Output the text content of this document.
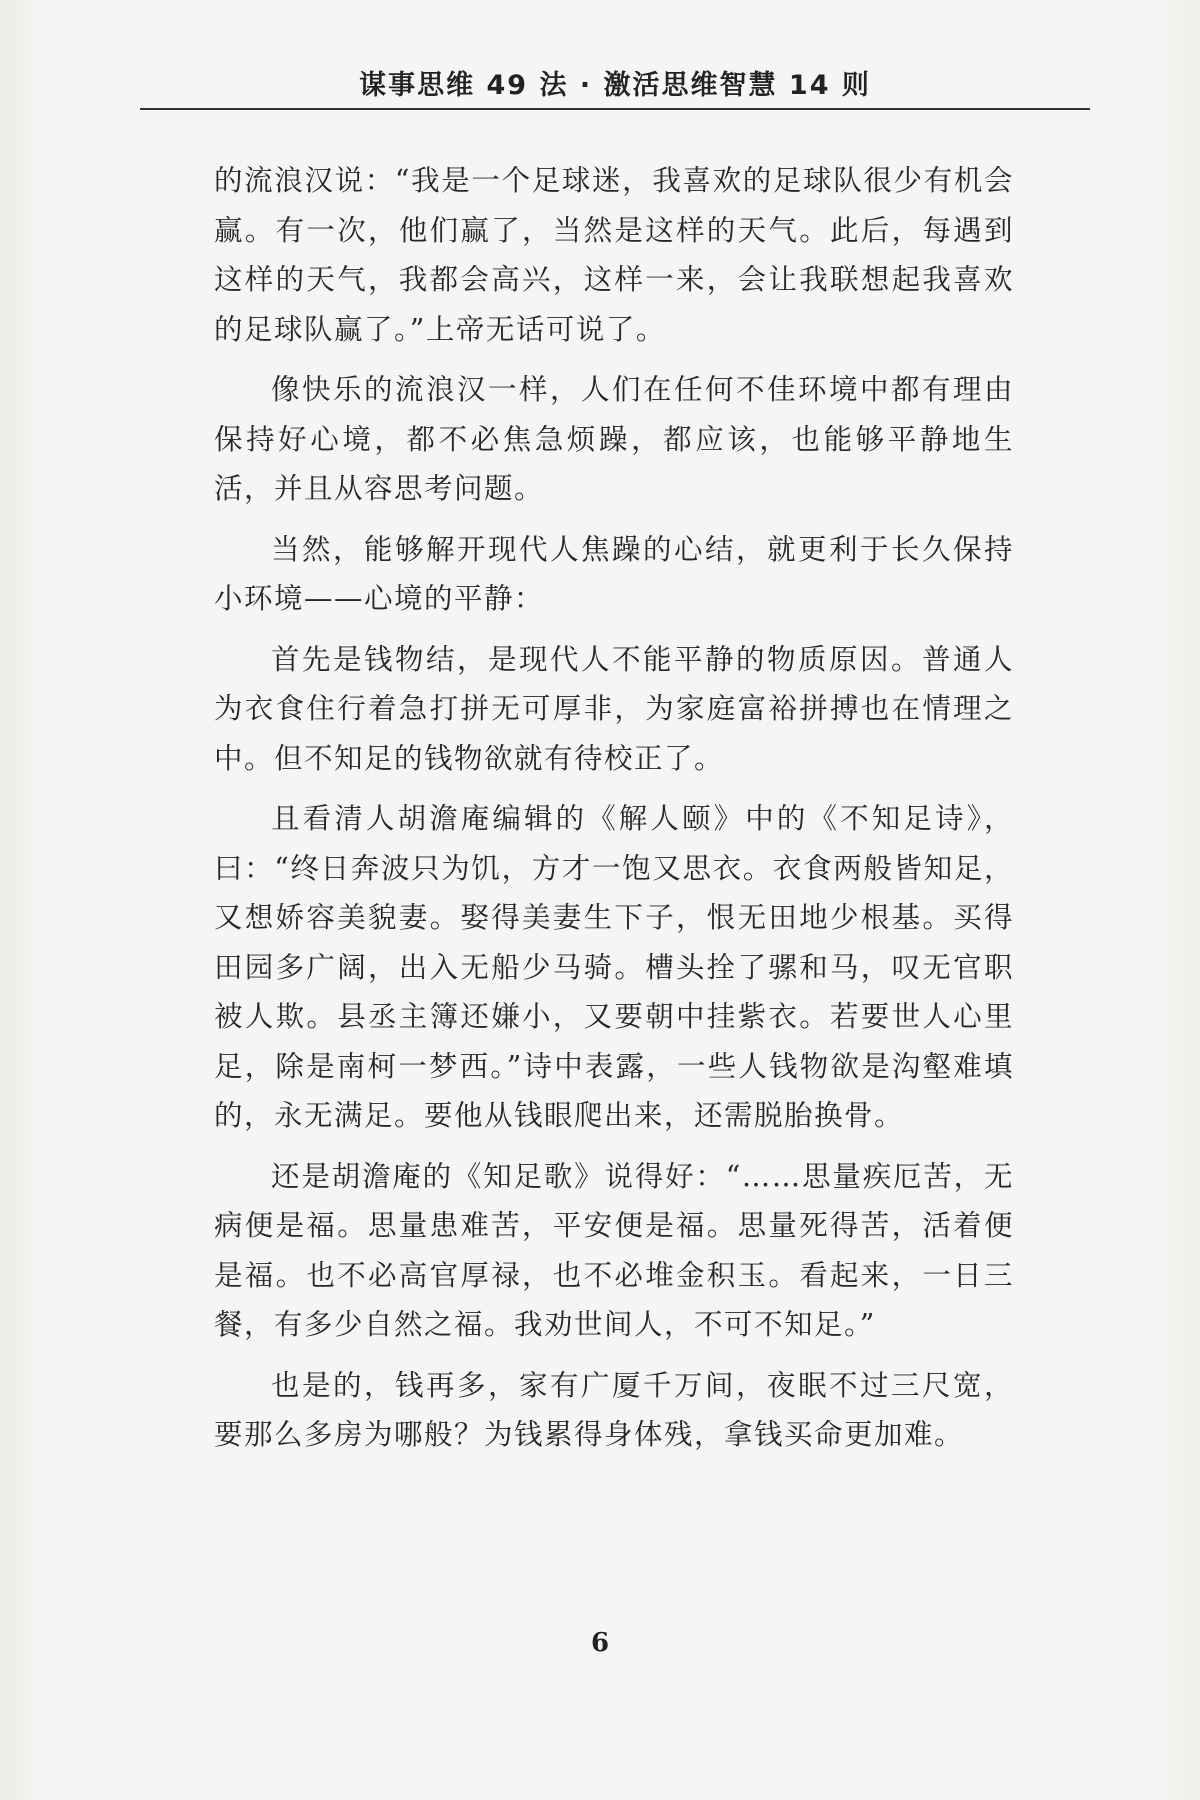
谋事思维 49 法 · 激活思维智慧 14 则

的流浪汉说：“我是一个足球迷，我喜欢的足球队很少有机会赢。有一次，他们赢了，当然是这样的天气。此后，每遇到这样的天气，我都会高兴，这样一来，会让我联想起我喜欢的足球队赢了。”上帝无话可说了。

像快乐的流浪汉一样，人们在任何不佳环境中都有理由保持好心境，都不必焦急烦躁，都应该，也能够平静地生活，并且从容思考问题。

当然，能够解开现代人焦躁的心结，就更利于长久保持小环境——心境的平静：

首先是钱物结，是现代人不能平静的物质原因。普通人为衣食住行着急打拼无可厚非，为家庭富裕拼搏也在情理之中。但不知足的钱物欲就有待校正了。

且看清人胡澹庵编辑的《解人颐》中的《不知足诗》，曰：“终日奔波只为饥，方才一饱又思衣。衣食两般皆知足，又想娇容美貌妻。娶得美妻生下子，恨无田地少根基。买得田园多广阔，出入无船少马骑。槽头拴了骡和马，叹无官职被人欺。县丞主簿还嫌小，又要朝中挂紫衣。若要世人心里足，除是南柯一梦西。”诗中表露，一些人钱物欲是沟壑难填的，永无满足。要他从钱眼爬出来，还需脱胎换骨。

还是胡澹庵的《知足歌》说得好：“……思量疾厄苦，无病便是福。思量患难苦，平安便是福。思量死得苦，活着便是福。也不必高官厚禄，也不必堆金积玉。看起来，一日三餐，有多少自然之福。我劝世间人，不可不知足。”

也是的，钱再多，家有广厦千万间，夜眠不过三尺宽，要那么多房为哪般？为钱累得身体残，拿钱买命更加难。

6
